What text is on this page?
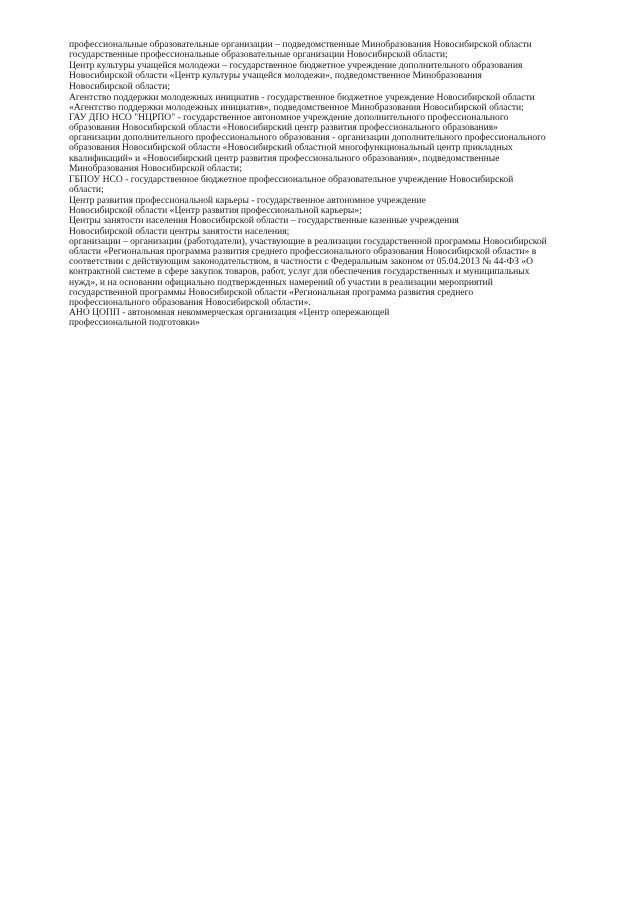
профессиональные образовательные организации – подведомственные Минобразования Новосибирской области
государственные профессиональные образовательные организации Новосибирской области;
Центр культуры учащейся молодежи – государственное бюджетное учреждение дополнительного образования
Новосибирской области «Центр культуры учащейся молодежи», подведомственное Минобразования
Новосибирской области;
Агентство поддержки молодежных инициатив - государственное бюджетное учреждение Новосибирской области
«Агентство поддержки молодежных инициатив», подведомственное Минобразования Новосибирской области;
ГАУ ДПО НСО "НЦРПО" - государственное автономное учреждение дополнительного профессионального
образования Новосибирской области «Новосибирский центр развития профессионального образования»
организации дополнительного профессионального образования - организации дополнительного профессионального
образования Новосибирской области «Новосибирский областной многофункциональный центр прикладных
квалификаций» и «Новосибирский центр развития профессионального образования», подведомственные
Минобразования Новосибирской области;
ГБПОУ НСО - государственное бюджетное профессиональное образовательное учреждение Новосибирской
области;
Центр развития профессиональной карьеры - государственное автономное учреждение
Новосибирской области «Центр развития профессиональной карьеры»;
Центры занятости населения Новосибирской области – государственные казенные учреждения
Новосибирской области центры занятости населения;
организации – организации (работодатели), участвующие в реализации государственной программы Новосибирской
области «Региональная программа развития среднего профессионального образования Новосибирской области» в
соответствии с действующим законодательством, в частности с Федеральным законом от 05.04.2013 № 44-ФЗ «О
контрактной системе в сфере закупок товаров, работ, услуг для обеспечения государственных и муниципальных
нужд», и на основании официально подтвержденных намерений об участии в реализации мероприятий
государственной программы Новосибирской области «Региональная программа развития среднего
профессионального образования Новосибирской области».
АНО ЦОПП - автономная некоммерческая организация «Центр опережающей
профессиональной подготовки»
